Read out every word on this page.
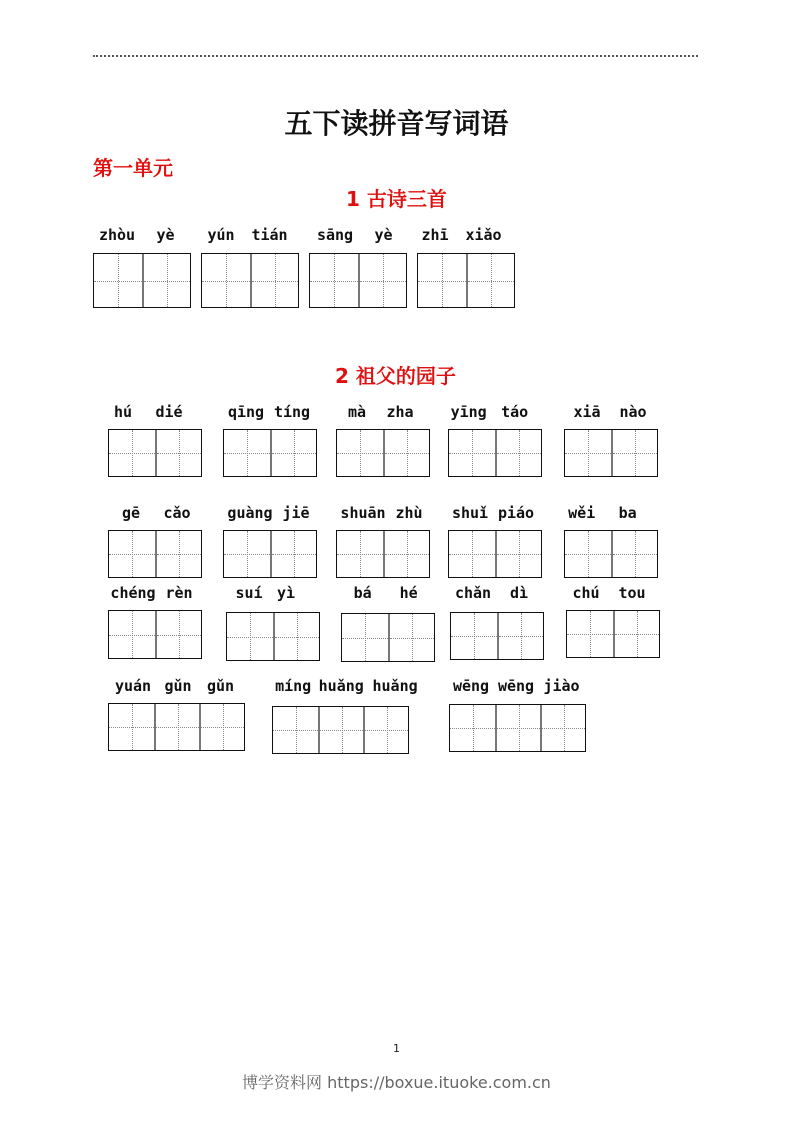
五下读拼音写词语
第一单元
1 古诗三首
zhòu	yè	yún	tián	sāng	yè	zhī	xiǎo
2 祖父的园子
hú	dié	qīng tíng	mà	zha	yīng táo	xiā	nào
gē	cǎo	guàng jiē	shuān zhù	shuǐ piáo	wěi	ba
chéng rèn	suí yì	bá	hé	chǎn	dì	chú	tou
yuán gǔn	gǔn	míng huǎng huǎng wēng wēng jiào
1
博学资料网 https://boxue.ituoke.com.cn
